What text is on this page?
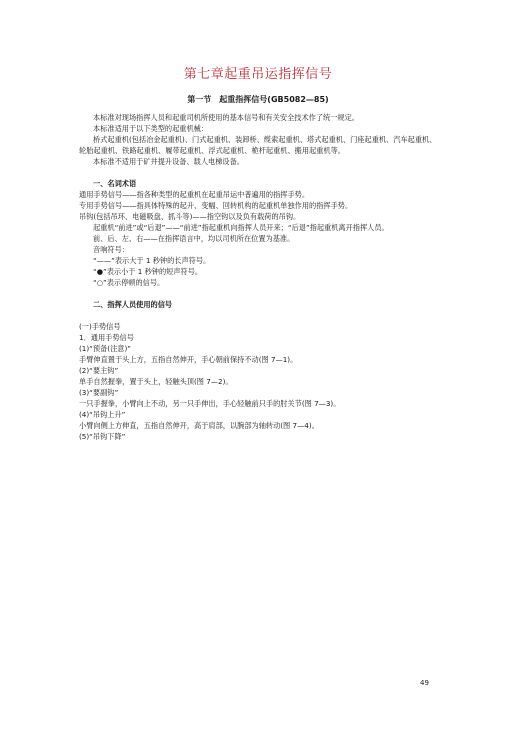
第七章起重吊运指挥信号
第一节　起重指挥信号(GB5082—85)

本标准对现场指挥人员和起重司机所使用的基本信号和有关安全技术作了统一规定。

本标准适用于以下类型的起重机械：

桥式起重机(包括冶金起重机)、门式起重机、装卸桥、缆索起重机、塔式起重机、门座起重机、汽车起重机、轮胎起重机、铁路起重机、履带起重机、浮式起重机、桅杆起重机、搬用起重机等。

本标准不适用于矿井提升设备、载人电梯设备。

一、名词术语

通用手势信号——指各种类型的起重机在起重吊运中普遍用的指挥手势。

专用手势信号——指具体特殊的起升、变幅、回转机构的起重机单独作用的指挥手势。

吊钩(包括吊环、电磁吸盘、抓斗等)——指空钩以及负有载荷的吊钩。

起重机“前进”或“后退”——“前进”指起重机向指挥人员开来；“后退”指起重机离开指挥人员。

前、后、左、右——在指挥语言中，均以司机所在位置为基准。

音响符号：

“——”表示大于 1 秒钟的长声符号。

“●”表示小于 1 秒钟的短声符号。

“○”表示停顿的信号。

二、指挥人员使用的信号

(一)手势信号

1．通用手势信号

(1)“预备(注意)”

手臂伸直置于头上方，五指自然伸开，手心朝前保持不动(图 7—1)。

(2)“要主钩”

单手自然握拳，置于头上，轻触头顶(图 7—2)。

(3)“要副钩”

一只手握拳，小臂向上不动，另一只手伸出，手心轻触前只手的肘关节(图 7—3)。

(4)“吊钩上升”

小臂向侧上方伸直，五指自然伸开，高于肩部，以腕部为轴转动(图 7—4)。

(5)“吊钩下降”

49
